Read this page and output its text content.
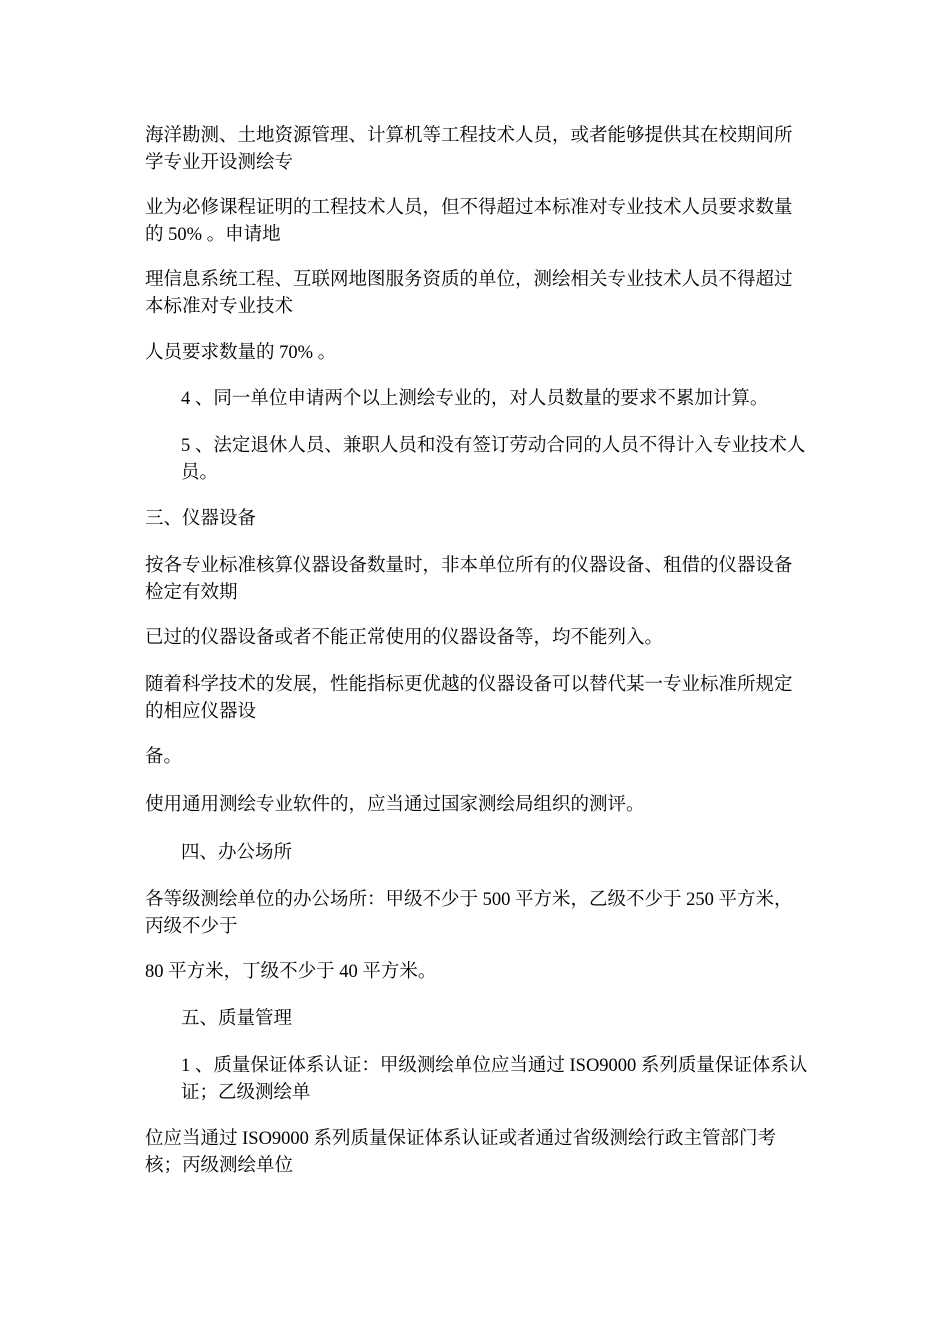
海洋勘测、土地资源管理、计算机等工程技术人员，或者能够提供其在校期间所学专业开设测绘专

业为必修课程证明的工程技术人员，但不得超过本标准对专业技术人员要求数量的 50% 。申请地

理信息系统工程、互联网地图服务资质的单位，测绘相关专业技术人员不得超过本标准对专业技术

人员要求数量的 70% 。

4 、同一单位申请两个以上测绘专业的，对人员数量的要求不累加计算。

5 、法定退休人员、兼职人员和没有签订劳动合同的人员不得计入专业技术人员。

三、仪器设备

按各专业标准核算仪器设备数量时，非本单位所有的仪器设备、租借的仪器设备检定有效期

已过的仪器设备或者不能正常使用的仪器设备等，均不能列入。

随着科学技术的发展，性能指标更优越的仪器设备可以替代某一专业标准所规定的相应仪器设

备。

使用通用测绘专业软件的，应当通过国家测绘局组织的测评。

四、办公场所

各等级测绘单位的办公场所：甲级不少于 500 平方米，乙级不少于 250 平方米，丙级不少于

80 平方米，丁级不少于 40 平方米。

五、质量管理

1 、质量保证体系认证：甲级测绘单位应当通过 ISO9000 系列质量保证体系认证；乙级测绘单

位应当通过 ISO9000 系列质量保证体系认证或者通过省级测绘行政主管部门考核；丙级测绘单位
